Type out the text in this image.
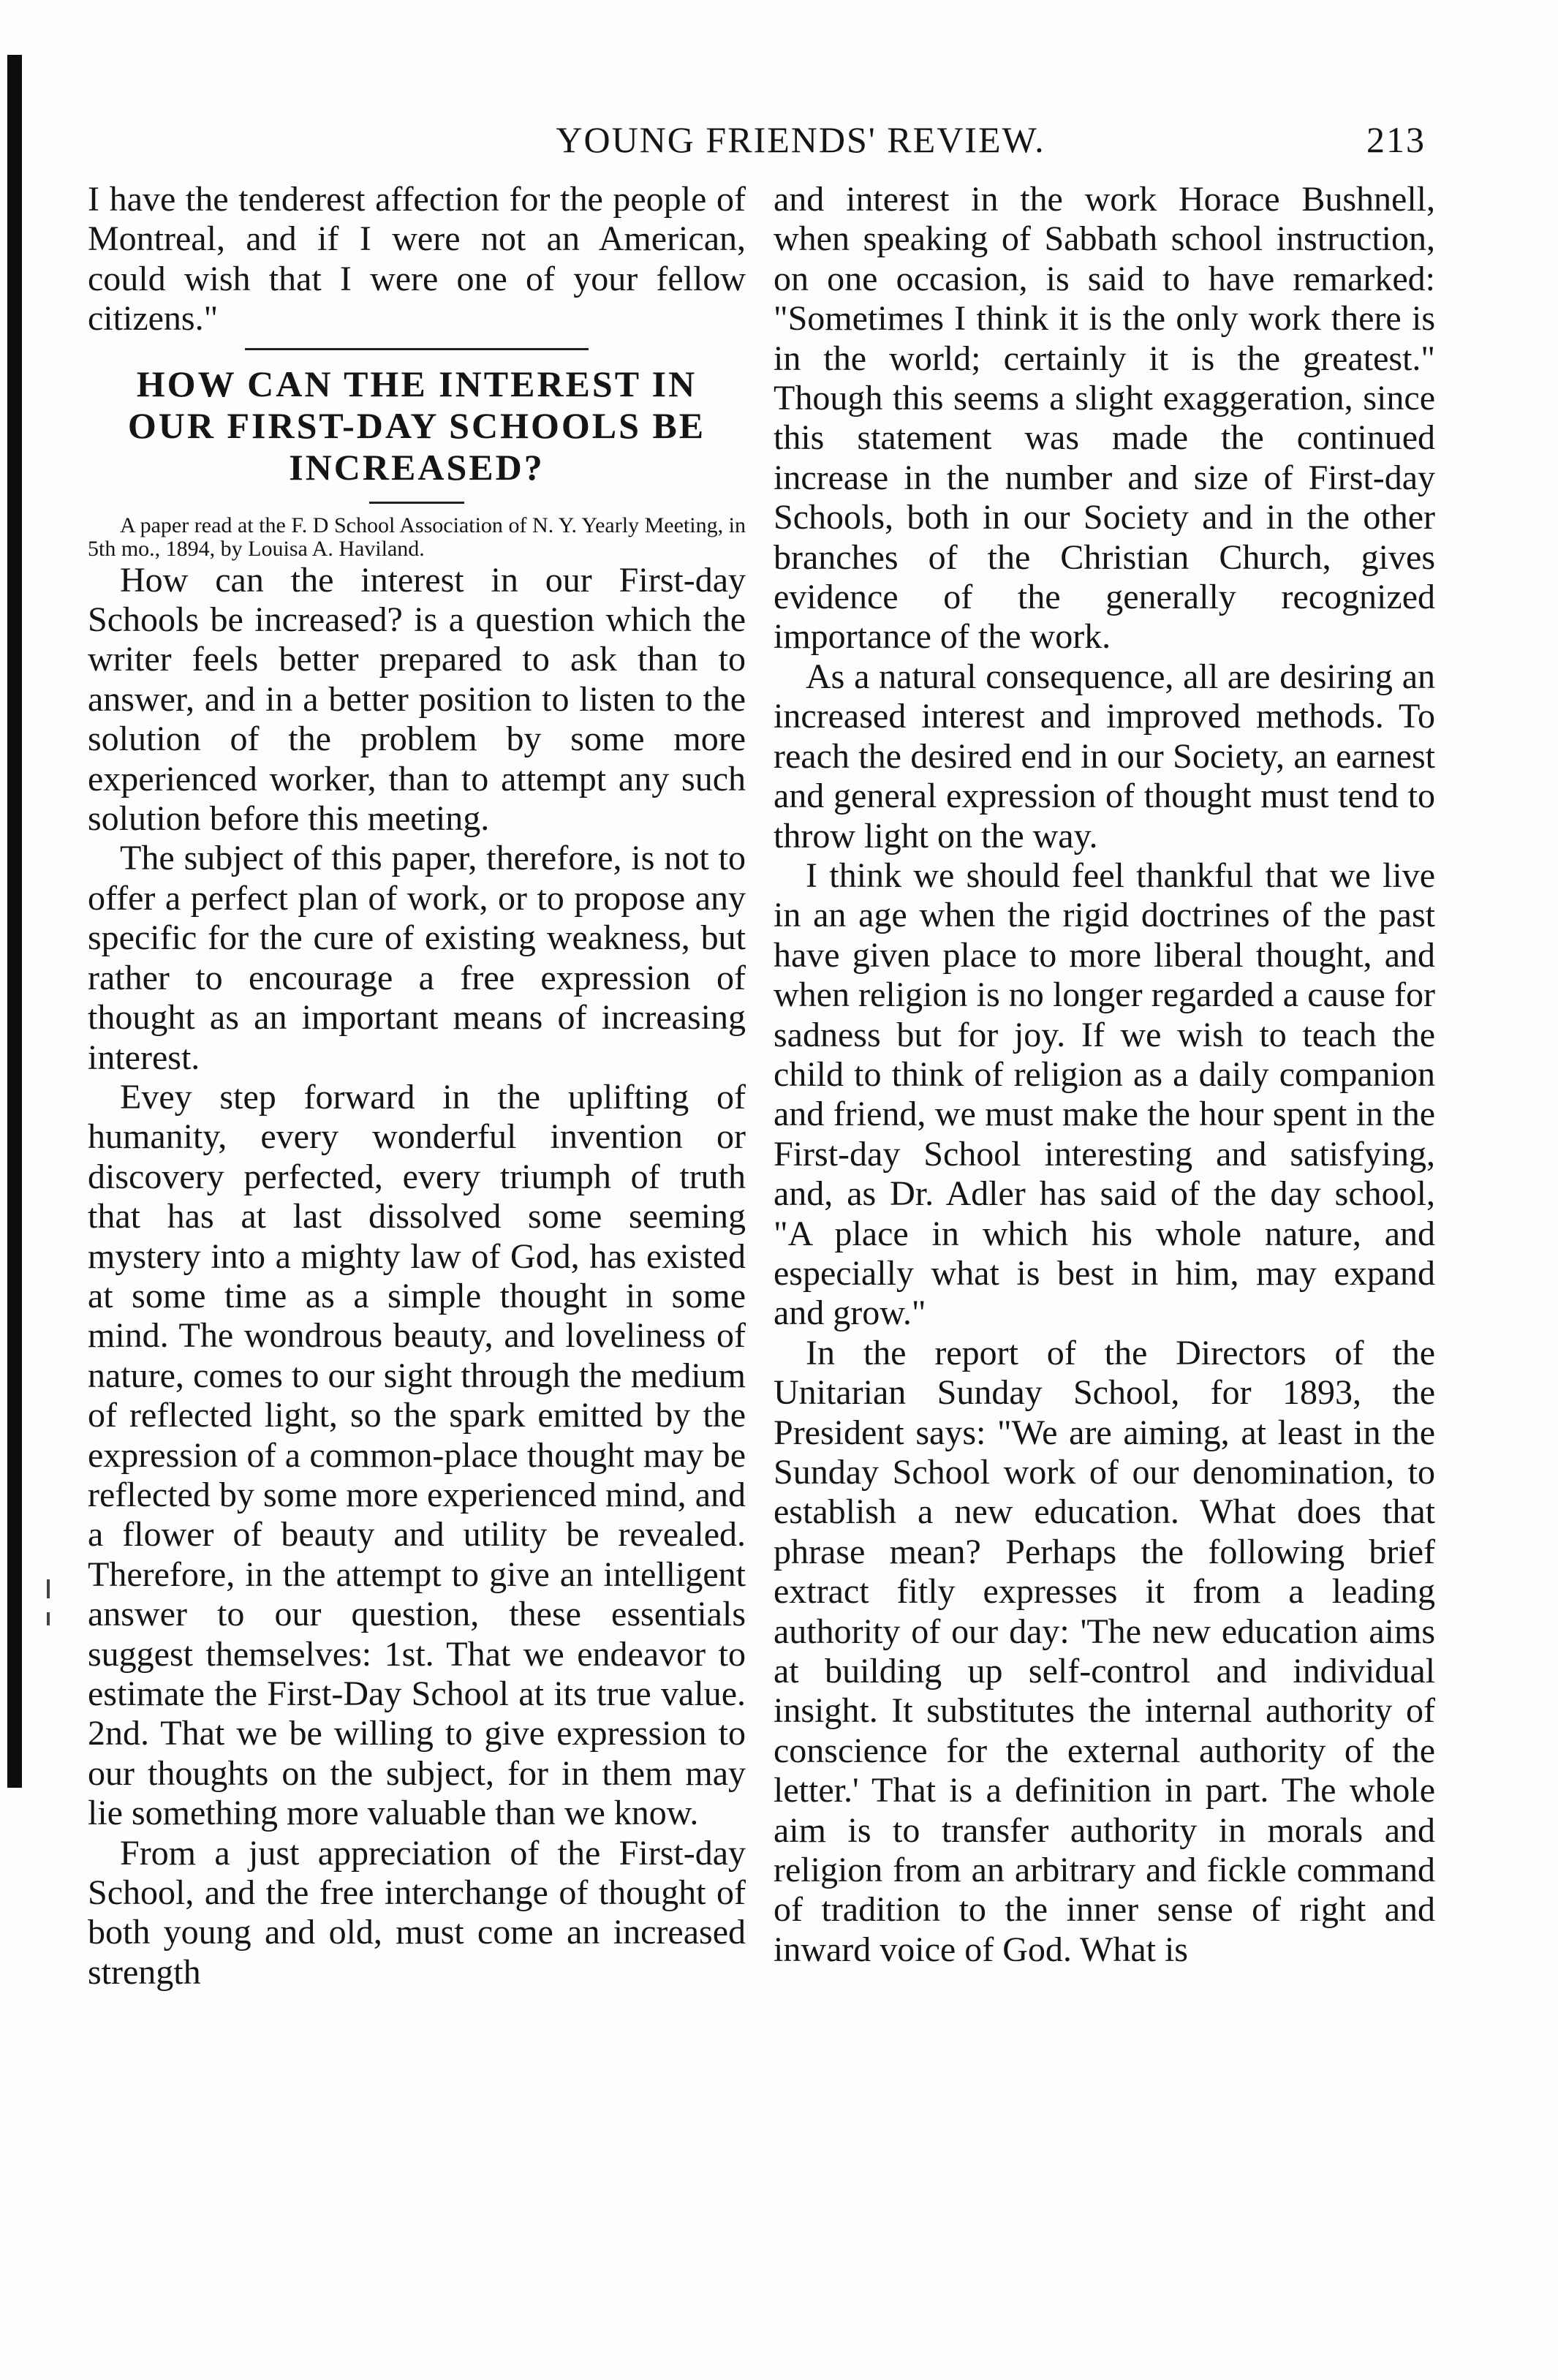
YOUNG FRIENDS' REVIEW.	213

I have the tenderest affection for the people of Montreal, and if I were not an American, could wish that I were one of your fellow citizens."

HOW CAN THE INTEREST IN OUR FIRST-DAY SCHOOLS BE INCREASED?

A paper read at the F. D School Association of N. Y. Yearly Meeting, in 5th mo., 1894, by Louisa A. Haviland.

How can the interest in our First-day Schools be increased? is a question which the writer feels better prepared to ask than to answer, and in a better position to listen to the solution of the problem by some more experienced worker, than to attempt any such solution before this meeting.

The subject of this paper, therefore, is not to offer a perfect plan of work, or to propose any specific for the cure of existing weakness, but rather to encourage a free expression of thought as an important means of increasing interest.

Evey step forward in the uplifting of humanity, every wonderful invention or discovery perfected, every triumph of truth that has at last dissolved some seeming mystery into a mighty law of God, has existed at some time as a simple thought in some mind. The wondrous beauty, and loveliness of nature, comes to our sight through the medium of reflected light, so the spark emitted by the expression of a common-place thought may be reflected by some more experienced mind, and a flower of beauty and utility be revealed. Therefore, in the attempt to give an intelligent answer to our question, these essentials suggest themselves: 1st. That we endeavor to estimate the First-Day School at its true value. 2nd. That we be willing to give expression to our thoughts on the subject, for in them may lie something more valuable than we know.

From a just appreciation of the First-day School, and the free interchange of thought of both young and old, must come an increased strength

and interest in the work Horace Bushnell, when speaking of Sabbath school instruction, on one occasion, is said to have remarked: "Sometimes I think it is the only work there is in the world; certainly it is the greatest." Though this seems a slight exaggeration, since this statement was made the continued increase in the number and size of First-day Schools, both in our Society and in the other branches of the Christian Church, gives evidence of the generally recognized importance of the work.

As a natural consequence, all are desiring an increased interest and improved methods. To reach the desired end in our Society, an earnest and general expression of thought must tend to throw light on the way.

I think we should feel thankful that we live in an age when the rigid doctrines of the past have given place to more liberal thought, and when religion is no longer regarded a cause for sadness but for joy. If we wish to teach the child to think of religion as a daily companion and friend, we must make the hour spent in the First-day School interesting and satisfying, and, as Dr. Adler has said of the day school, "A place in which his whole nature, and especially what is best in him, may expand and grow."

In the report of the Directors of the Unitarian Sunday School, for 1893, the President says: "We are aiming, at least in the Sunday School work of our denomination, to establish a new education. What does that phrase mean? Perhaps the following brief extract fitly expresses it from a leading authority of our day: 'The new education aims at building up self-control and individual insight. It substitutes the internal authority of conscience for the external authority of the letter.' That is a definition in part. The whole aim is to transfer authority in morals and religion from an arbitrary and fickle command of tradition to the inner sense of right and inward voice of God. What is
